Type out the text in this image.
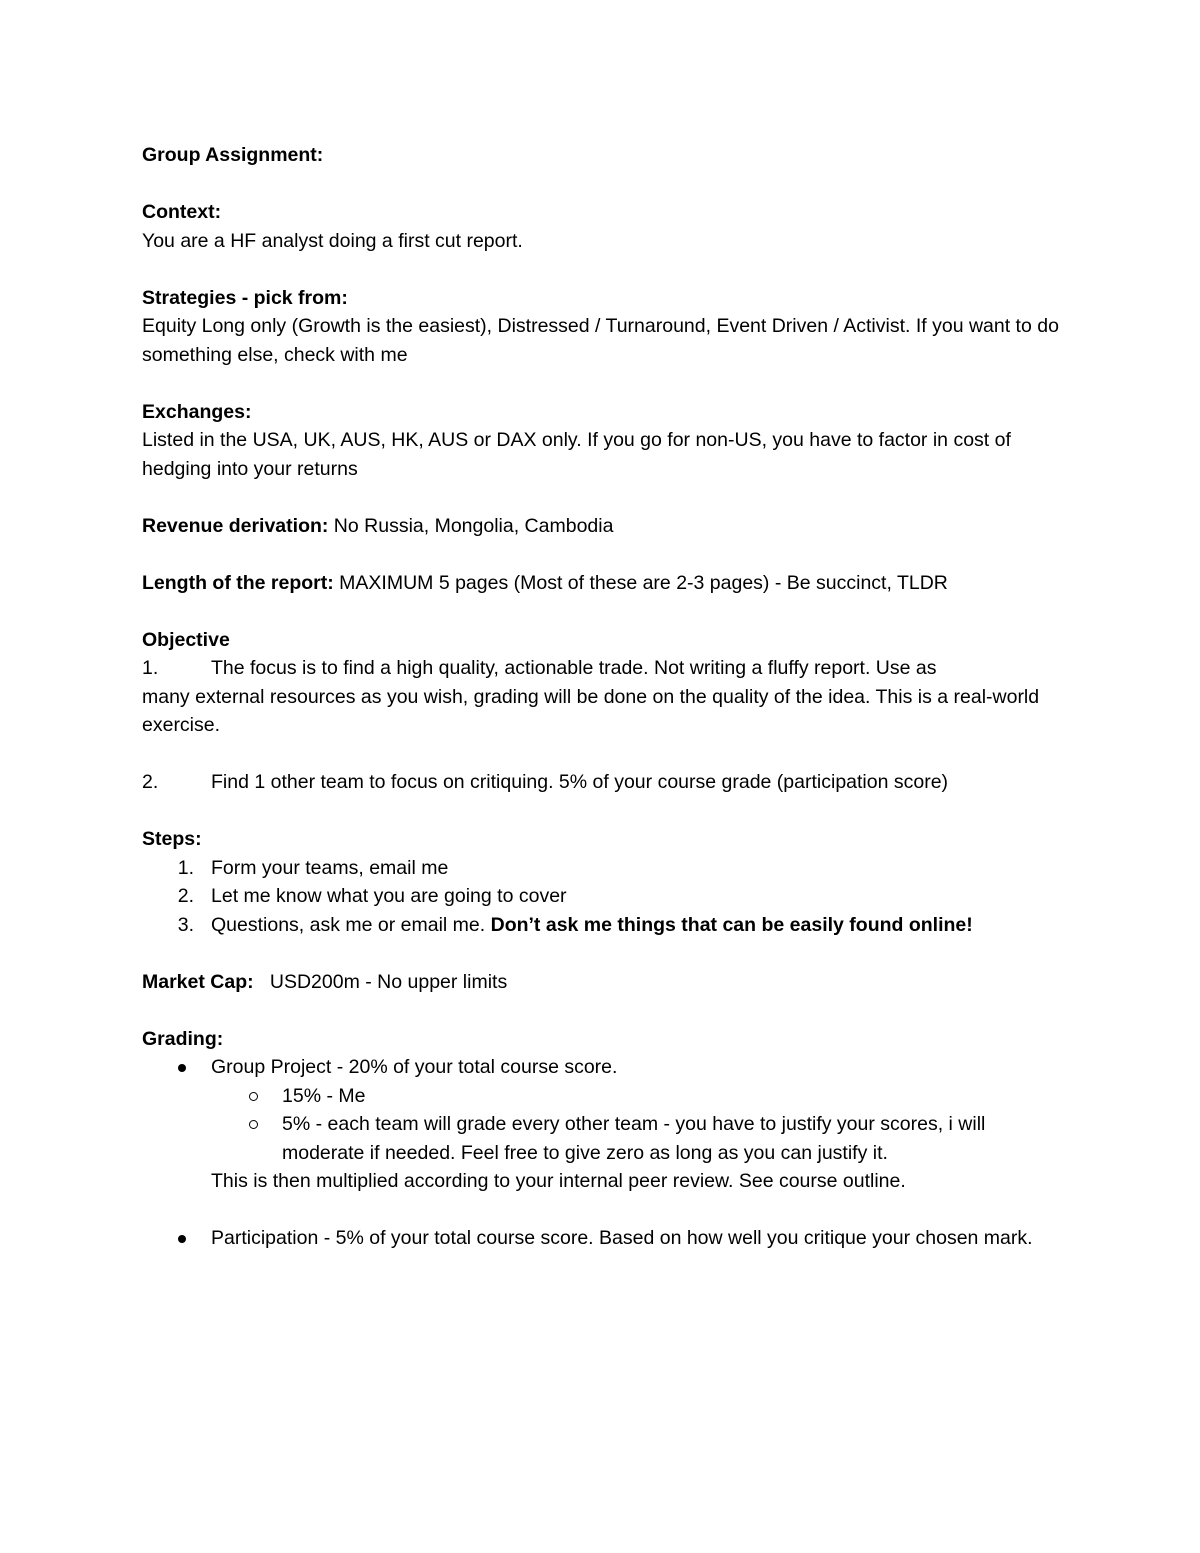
Group Assignment:

Context:

You are a HF analyst doing a first cut report.

Strategies - pick from:

Equity Long only (Growth is the easiest), Distressed / Turnaround, Event Driven / Activist. If you want to do something else, check with me

Exchanges:

Listed in the USA, UK, AUS, HK, AUS or DAX only. If you go for non-US, you have to factor in cost of hedging into your returns

Revenue derivation: No Russia, Mongolia, Cambodia

Length of the report: MAXIMUM 5 pages (Most of these are 2-3 pages) - Be succinct, TLDR

Objective

1.	The focus is to find a high quality, actionable trade. Not writing a fluffy report. Use as

many external resources as you wish, grading will be done on the quality of the idea. This is a real-world exercise.

2.	Find 1 other team to focus on critiquing. 5% of your course grade (participation score)

Steps:

1. Form your teams, email me
2. Let me know what you are going to cover
3. Questions, ask me or email me. Don’t ask me things that can be easily found online!

Market Cap:   USD200m - No upper limits

Grading:

Group Project - 20% of your total course score.
15% - Me
5% - each team will grade every other team - you have to justify your scores, i will moderate if needed. Feel free to give zero as long as you can justify it.

This is then multiplied according to your internal peer review. See course outline.

Participation - 5% of your total course score. Based on how well you critique your chosen mark.
